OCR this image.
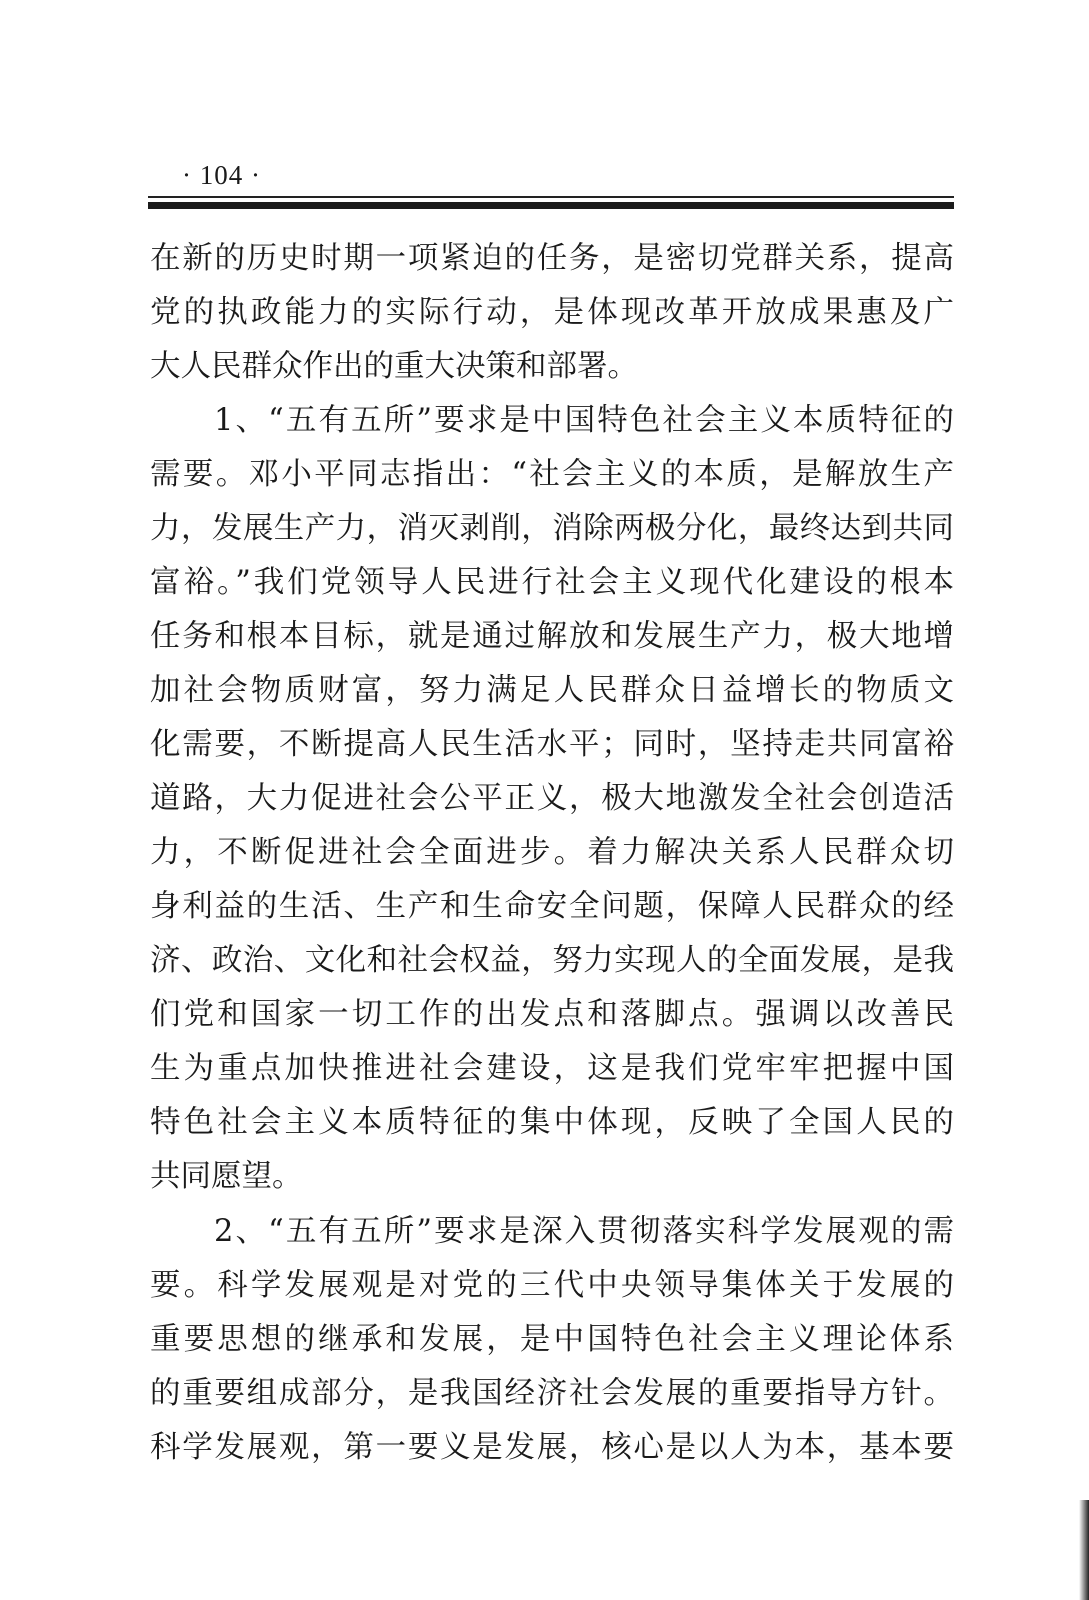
· 104 ·
在新的历史时期一项紧迫的任务，是密切党群关系，提高
党的执政能力的实际行动，是体现改革开放成果惠及广
大人民群众作出的重大决策和部署。
1、“五有五所”要求是中国特色社会主义本质特征的
需要。邓小平同志指出：“社会主义的本质，是解放生产
力，发展生产力，消灭剥削，消除两极分化，最终达到共同
富裕。”我们党领导人民进行社会主义现代化建设的根本
任务和根本目标，就是通过解放和发展生产力，极大地增
加社会物质财富，努力满足人民群众日益增长的物质文
化需要，不断提高人民生活水平；同时，坚持走共同富裕
道路，大力促进社会公平正义，极大地激发全社会创造活
力，不断促进社会全面进步。着力解决关系人民群众切
身利益的生活、生产和生命安全问题，保障人民群众的经
济、政治、文化和社会权益，努力实现人的全面发展，是我
们党和国家一切工作的出发点和落脚点。强调以改善民
生为重点加快推进社会建设，这是我们党牢牢把握中国
特色社会主义本质特征的集中体现，反映了全国人民的
共同愿望。
2、“五有五所”要求是深入贯彻落实科学发展观的需
要。科学发展观是对党的三代中央领导集体关于发展的
重要思想的继承和发展，是中国特色社会主义理论体系
的重要组成部分，是我国经济社会发展的重要指导方针。
科学发展观，第一要义是发展，核心是以人为本，基本要
